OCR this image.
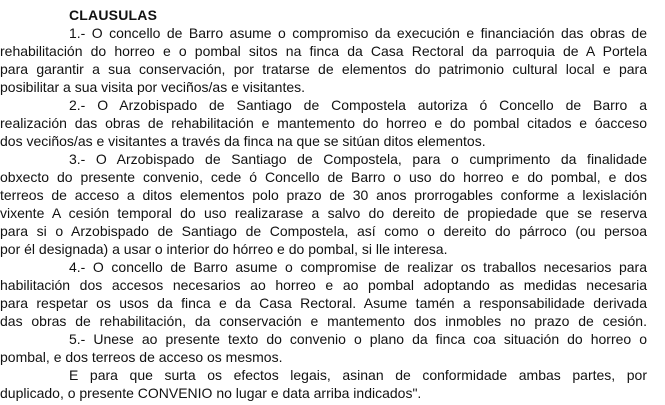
CLAUSULAS
1.- O concello de Barro asume o compromiso da execución e financiación das obras de
rehabilitación do horreo e o pombal sitos na finca da Casa Rectoral da parroquia de A Portela
para garantir a sua conservación, por tratarse de elementos do patrimonio cultural local e para
posibilitar a sua visita por veciños/as e visitantes.
2.- O Arzobispado de Santiago de Compostela autoriza ó Concello de Barro a
realización das obras de rehabilitación e mantemento do horreo e do pombal citados e óacceso
dos veciños/as e visitantes a través da finca na que se sitúan ditos elementos.
3.- O Arzobispado de Santiago de Compostela, para o cumprimento da finalidade
obxecto do presente convenio, cede ó Concello de Barro o uso do horreo e do pombal, e dos
terreos de acceso a ditos elementos polo prazo de 30 anos prorrogables conforme a lexislación
vixente A cesión temporal do uso realizarase a salvo do dereito de propiedade que se reserva
para si o Arzobispado de Santiago de Compostela, así como o dereito do párroco (ou persoa
por él designada) a usar o interior do hórreo e do pombal, si lle interesa.
4.- O concello de Barro asume o compromise de realizar os traballos necesarios para
habilitación dos accesos necesarios ao horreo e ao pombal adoptando as medidas necesaria
para respetar os usos da finca e da Casa Rectoral. Asume tamén a responsabilidade derivada
das obras de rehabilitación, da conservación e mantemento dos inmobles no prazo de cesión.
5.- Unese ao presente texto do convenio o plano da finca coa situación do horreo o
pombal, e dos terreos de acceso os mesmos.
E para que surta os efectos legais, asinan de conformidade ambas partes, por
duplicado, o presente CONVENIO no lugar e data arriba indicados".
